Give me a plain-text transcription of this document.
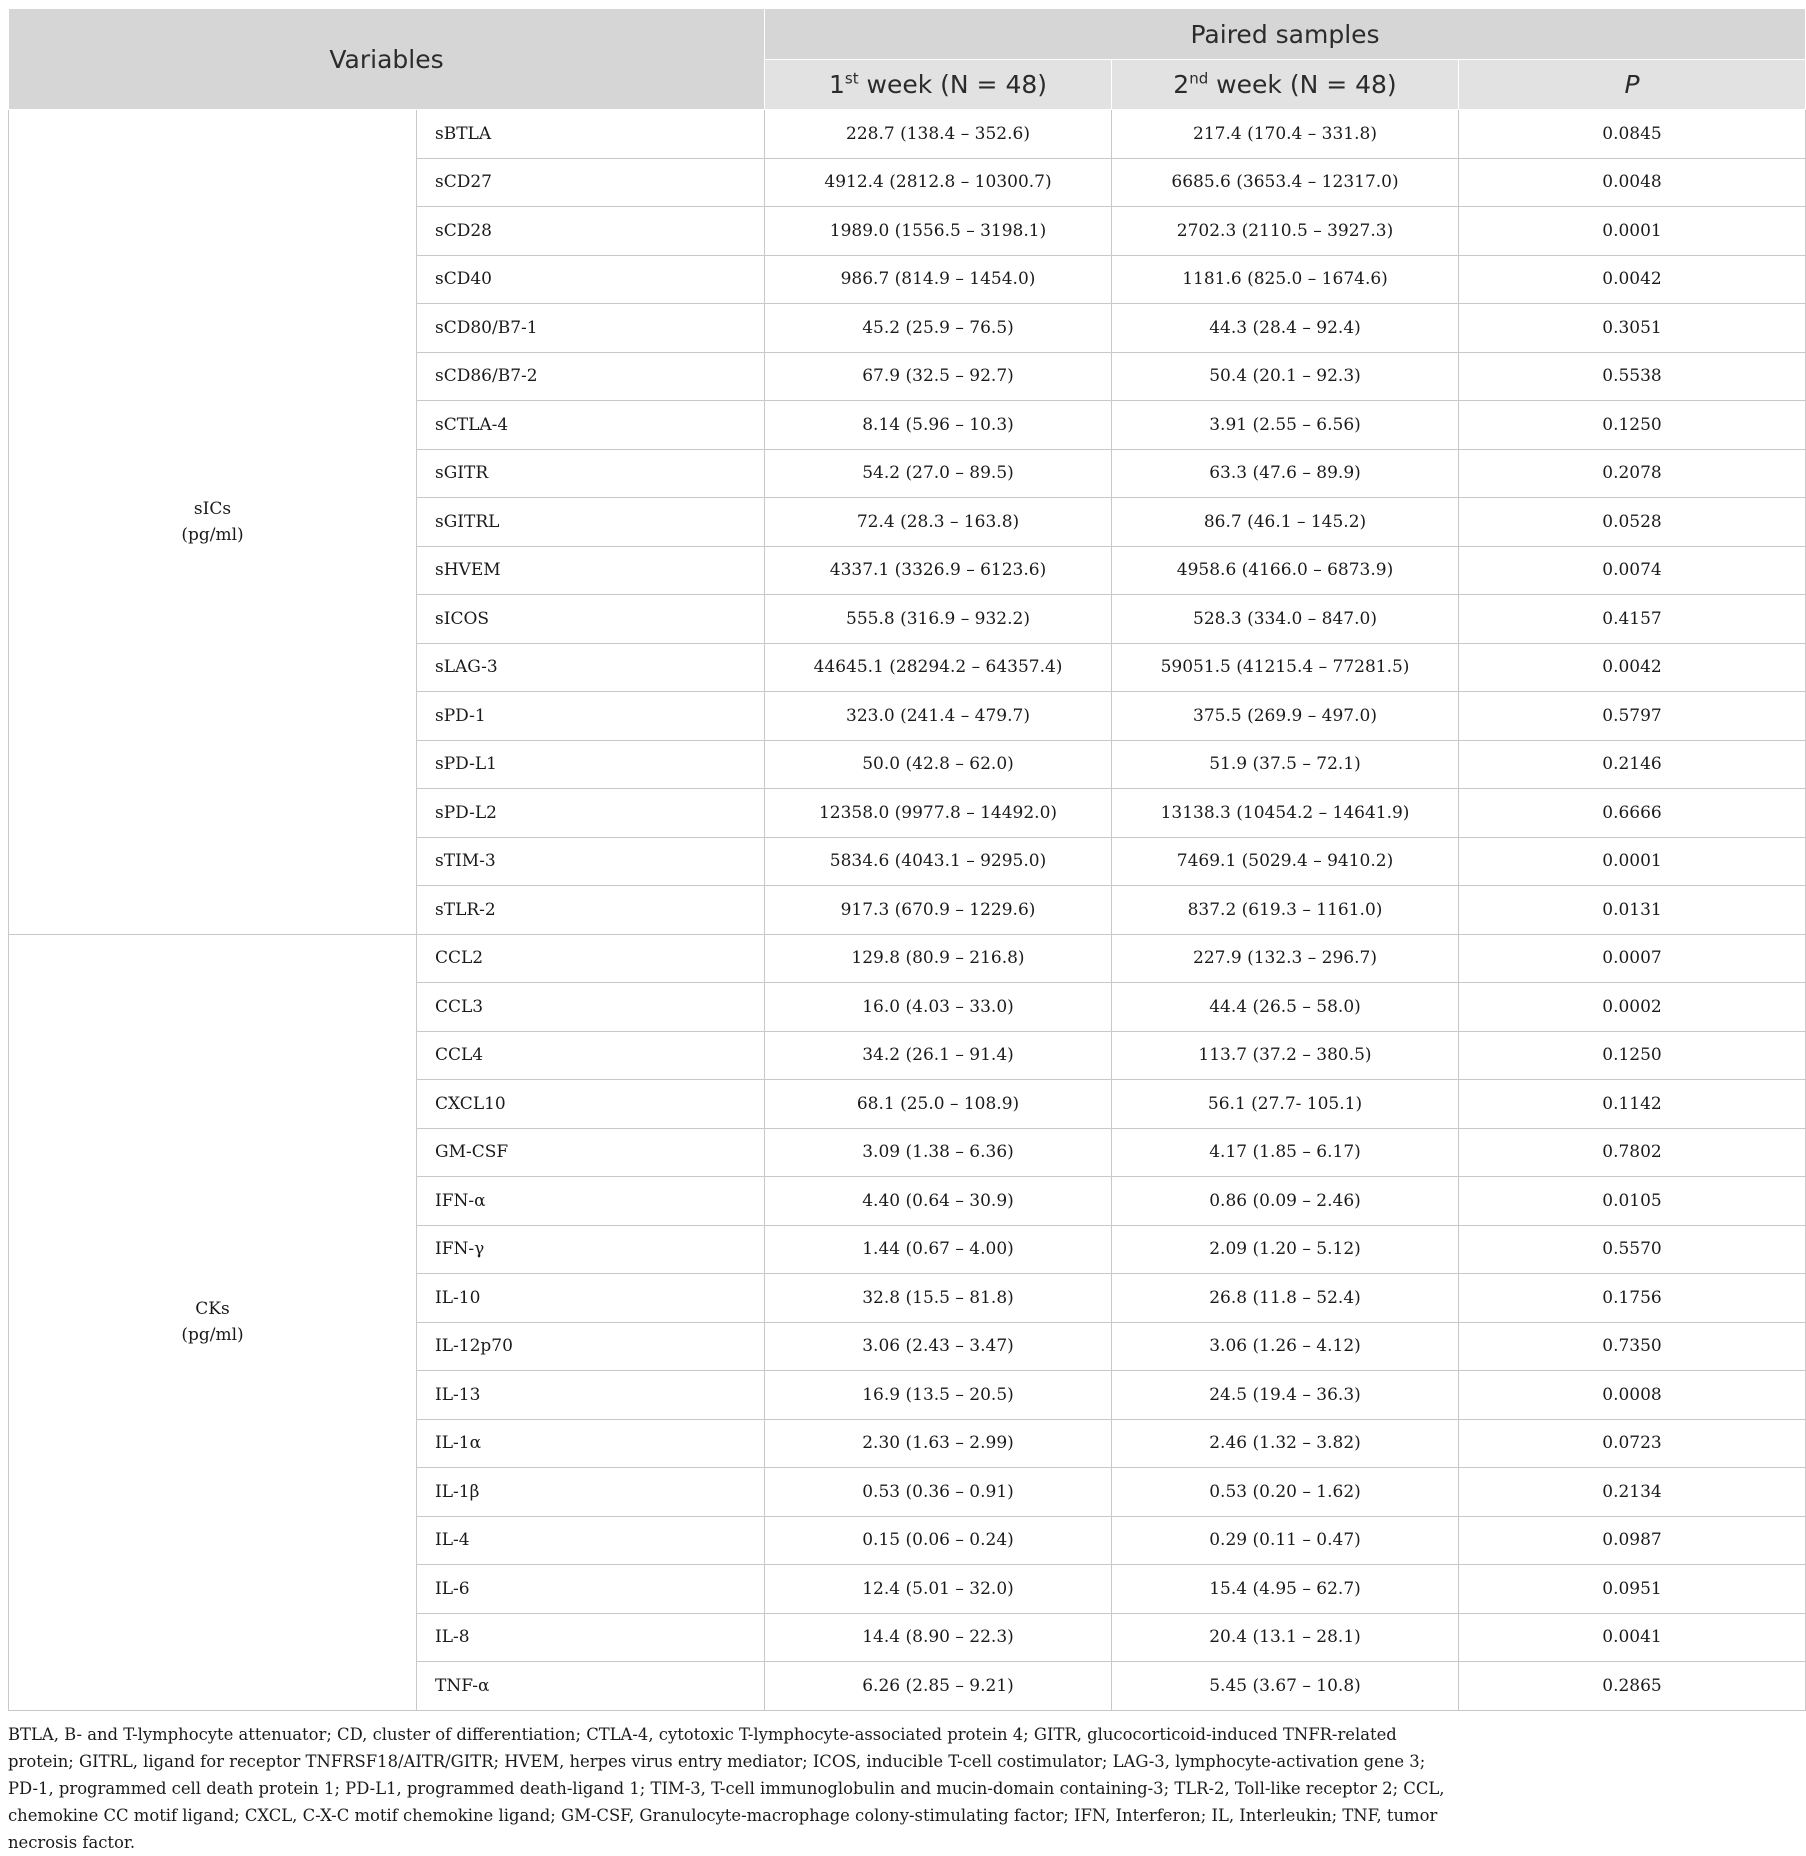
Variables		Paired samples		
		1st week (N = 48)	2nd week (N = 48)	P

sICs
(pg/ml)	sBTLA	228.7 (138.4 – 352.6)	217.4 (170.4 – 331.8)	0.0845
	sCD27	4912.4 (2812.8 – 10300.7)	6685.6 (3653.4 – 12317.0)	0.0048
	sCD28	1989.0 (1556.5 – 3198.1)	2702.3 (2110.5 – 3927.3)	0.0001
	sCD40	986.7 (814.9 – 1454.0)	1181.6 (825.0 – 1674.6)	0.0042
	sCD80/B7-1	45.2 (25.9 – 76.5)	44.3 (28.4 – 92.4)	0.3051
	sCD86/B7-2	67.9 (32.5 – 92.7)	50.4 (20.1 – 92.3)	0.5538
	sCTLA-4	8.14 (5.96 – 10.3)	3.91 (2.55 – 6.56)	0.1250
	sGITR	54.2 (27.0 – 89.5)	63.3 (47.6 – 89.9)	0.2078
	sGITRL	72.4 (28.3 – 163.8)	86.7 (46.1 – 145.2)	0.0528
	sHVEM	4337.1 (3326.9 – 6123.6)	4958.6 (4166.0 – 6873.9)	0.0074
	sICOS	555.8 (316.9 – 932.2)	528.3 (334.0 – 847.0)	0.4157
	sLAG-3	44645.1 (28294.2 – 64357.4)	59051.5 (41215.4 – 77281.5)	0.0042
	sPD-1	323.0 (241.4 – 479.7)	375.5 (269.9 – 497.0)	0.5797
	sPD-L1	50.0 (42.8 – 62.0)	51.9 (37.5 – 72.1)	0.2146
	sPD-L2	12358.0 (9977.8 – 14492.0)	13138.3 (10454.2 – 14641.9)	0.6666
	sTIM-3	5834.6 (4043.1 – 9295.0)	7469.1 (5029.4 – 9410.2)	0.0001
	sTLR-2	917.3 (670.9 – 1229.6)	837.2 (619.3 – 1161.0)	0.0131

CKs
(pg/ml)	CCL2	129.8 (80.9 – 216.8)	227.9 (132.3 – 296.7)	0.0007
	CCL3	16.0 (4.03 – 33.0)	44.4 (26.5 – 58.0)	0.0002
	CCL4	34.2 (26.1 – 91.4)	113.7 (37.2 – 380.5)	0.1250
	CXCL10	68.1 (25.0 – 108.9)	56.1 (27.7- 105.1)	0.1142
	GM-CSF	3.09 (1.38 – 6.36)	4.17 (1.85 – 6.17)	0.7802
	IFN-α	4.40 (0.64 – 30.9)	0.86 (0.09 – 2.46)	0.0105
	IFN-γ	1.44 (0.67 – 4.00)	2.09 (1.20 – 5.12)	0.5570
	IL-10	32.8 (15.5 – 81.8)	26.8 (11.8 – 52.4)	0.1756
	IL-12p70	3.06 (2.43 – 3.47)	3.06 (1.26 – 4.12)	0.7350
	IL-13	16.9 (13.5 – 20.5)	24.5 (19.4 – 36.3)	0.0008
	IL-1α	2.30 (1.63 – 2.99)	2.46 (1.32 – 3.82)	0.0723
	IL-1β	0.53 (0.36 – 0.91)	0.53 (0.20 – 1.62)	0.2134
	IL-4	0.15 (0.06 – 0.24)	0.29 (0.11 – 0.47)	0.0987
	IL-6	12.4 (5.01 – 32.0)	15.4 (4.95 – 62.7)	0.0951
	IL-8	14.4 (8.90 – 22.3)	20.4 (13.1 – 28.1)	0.0041
	TNF-α	6.26 (2.85 – 9.21)	5.45 (3.67 – 10.8)	0.2865
BTLA, B- and T-lymphocyte attenuator; CD, cluster of differentiation; CTLA-4, cytotoxic T-lymphocyte-associated protein 4; GITR, glucocorticoid-induced TNFR-related protein; GITRL, ligand for receptor TNFRSF18/AITR/GITR; HVEM, herpes virus entry mediator; ICOS, inducible T-cell costimulator; LAG-3, lymphocyte-activation gene 3; PD-1, programmed cell death protein 1; PD-L1, programmed death-ligand 1; TIM-3, T-cell immunoglobulin and mucin-domain containing-3; TLR-2, Toll-like receptor 2; CCL, chemokine CC motif ligand; CXCL, C-X-C motif chemokine ligand; GM-CSF, Granulocyte-macrophage colony-stimulating factor; IFN, Interferon; IL, Interleukin; TNF, tumor necrosis factor.
